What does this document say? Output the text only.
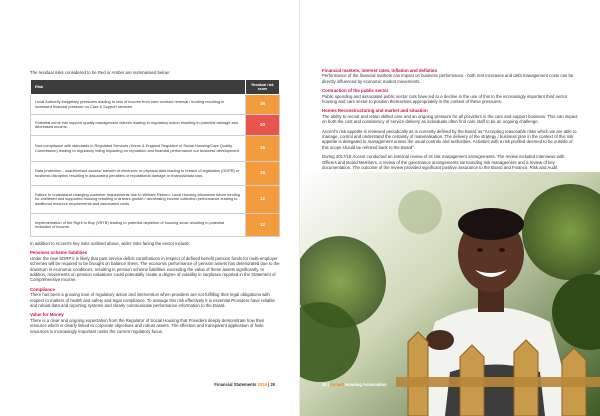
The residual risks considered to be Red or Amber are summarised below:

Risk	Residual risk score
Local Authority budgetary pressures leading to loss of income from care contract renewal / funding resulting in increased financial pressure on Care & Support services.	15
Potential come into support quality management failures leading to regulatory action resulting in potential damage and decreased income.	20
Non-compliance with standards in Regulated Services (Home & England Regulator of Social Housing/Care Quality Commission) leading to regulatory rating impacting on reputation and financial performance our business development.	15
Data protection - unauthorised access/ transfer of electronic or physical data leading to breach of legislation (GDPR) or business disruption resulting in associated penalties or reputational damage or financial/data loss.	16
Failure to understand changing customer requirements due to Welfare Reform, Local Housing Allowance future funding for sheltered and supported housing resulting in arrears growth / decreasing income collection performance leading to additional resource requirements and associated costs.	12
Implementation of the Right to Buy (VRTB) leading to potential depletion of housing stock resulting in potential reduction of income.	12

In addition to Accent's key risks outlined above, wider risks facing the sector include:

Pensions scheme liabilities
Under the new SORP it is likely that past service deficit contributions in respect of defined benefit pension funds for multi-employer schemes will be required to be brought on balance sheet. The economic performance of pension assets has deteriorated due to the downturn in economic conditions, resulting in pension scheme liabilities exceeding the value of these assets significantly. In addition, movements on pension valuations could potentially create a degree of volatility in surpluses reported in the Statement of Comprehensive Income.

Compliance
There has been a growing tone of regulatory action and intervention when providers are not fulfilling their legal obligations with respect to matters of health and safety and legal compliance. To manage this risk effectively it is essential Providers have reliable and robust data and reporting systems and clearly communicate performance information to the Board.

Value for Money
There is a clear and ongoing expectation from the Regulator of Social Housing that Providers deeply demonstrate how their resource which is clearly linked to corporate objectives and robust assets. The effective and transparent application of finite resources is increasingly important under the current regulatory focus.

Financial Statements 2019 | 29

Financial markets, interest rates, inflation and deflation
Performance of the financial markets can impact on business performance - both rent increases and debt management costs can be directly influenced by economic market movements.

Contraction of the public sector
Public spending and associated public sector cuts have led to a decline in the use of this to the increasingly important third sector housing and care sector to position themselves appropriately in the context of these pressures.

Homes Reconstructuring and market and situation
The ability to recruit and retain skilled care and an ongoing pressure for all providers in the care and support business. This can impact on both the cost and consistency of service delivery as individuals often find care staff to be an ongoing challenge.

Accent's risk appetite is reviewed periodically as is currently defined by the Board as "Accepting reasonable risks which we are able to manage, control and understand the certainty of materialisation. The delivery of the strategy / business plan in the context of this risk appetite is delegated to management unless the usual controls and authorities. Activities with a risk profiled deemed to be outside of this scope should be referred back to the Board".

During 2017/18 Accent conducted an external review of its risk management arrangements. The review included interviews with Officers and Board Members, a review of the governance arrangements surrounding risk management and a review of key documentation. The outcome of the review provided significant positive assurance to the Board and Finance, Risk and Audit

30 | Accent Housing Association
